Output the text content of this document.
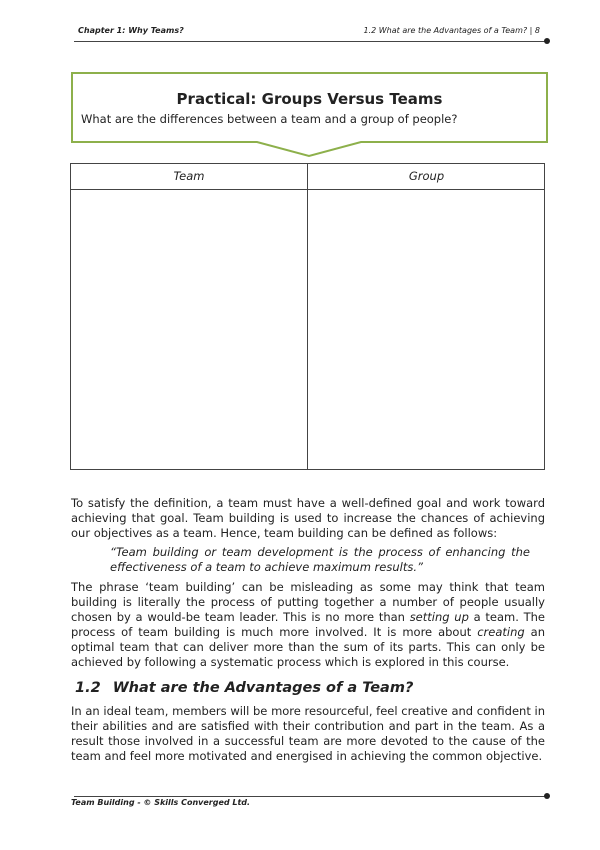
Chapter 1: Why Teams?	1.2 What are the Advantages of a Team? | 8
Practical: Groups Versus Teams
What are the differences between a team and a group of people?
Team	Group

To satisfy the definition, a team must have a well-defined goal and work toward achieving that goal. Team building is used to increase the chances of achieving our objectives as a team. Hence, team building can be defined as follows:

“Team building or team development is the process of enhancing the effectiveness of a team to achieve maximum results.”

The phrase ‘team building’ can be misleading as some may think that team building is literally the process of putting together a number of people usually chosen by a would-be team leader. This is no more than setting up a team. The process of team building is much more involved. It is more about creating an optimal team that can deliver more than the sum of its parts. This can only be achieved by following a systematic process which is explored in this course.

1.2 What are the Advantages of a Team?

In an ideal team, members will be more resourceful, feel creative and confident in their abilities and are satisfied with their contribution and part in the team. As a result those involved in a successful team are more devoted to the cause of the team and feel more motivated and energised in achieving the common objective.

Team Building - © Skills Converged Ltd.
